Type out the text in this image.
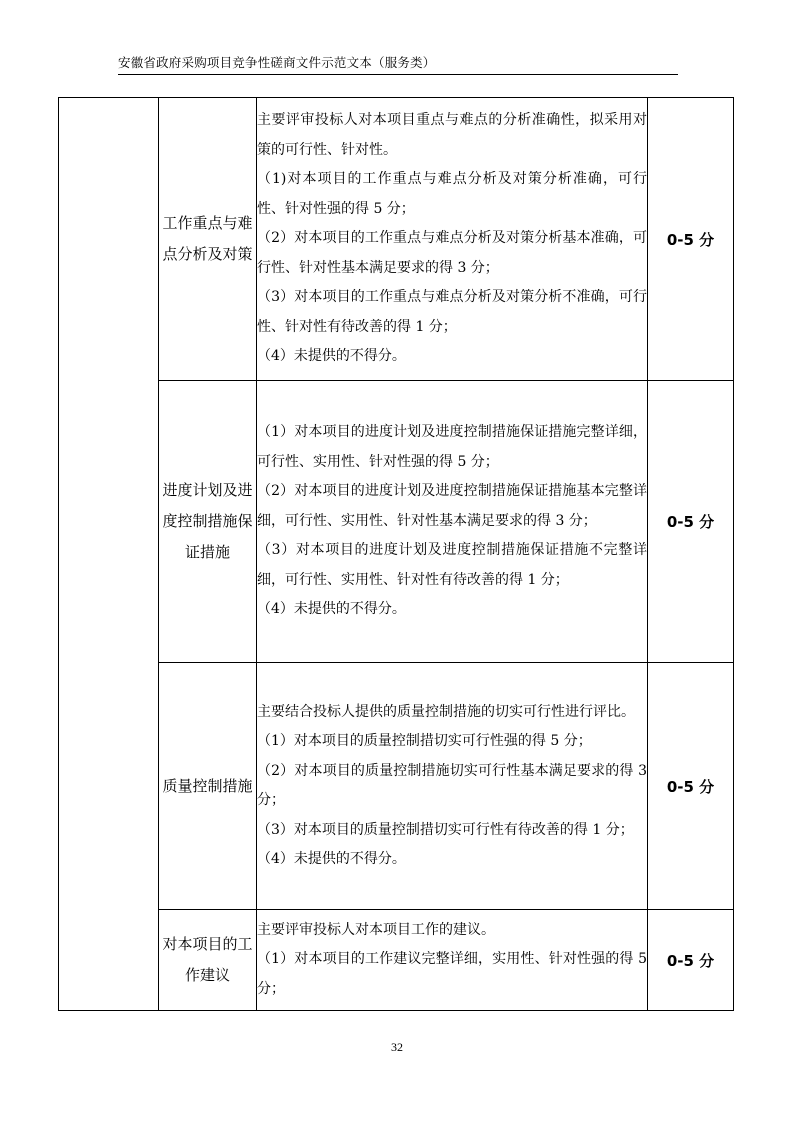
安徽省政府采购项目竞争性磋商文件示范文本（服务类）
	工作重点与难点分析及对策	主要评审投标人对本项目重点与难点的分析准确性，拟采用对策的可行性、针对性。

（1)对本项目的工作重点与难点分析及对策分析准确，可行性、针对性强的得 5 分；

（2）对本项目的工作重点与难点分析及对策分析基本准确，可行性、针对性基本满足要求的得 3 分；

（3）对本项目的工作重点与难点分析及对策分析不准确，可行性、针对性有待改善的得 1 分；

（4）未提供的不得分。	0-5 分
	进度计划及进度控制措施保证措施	（1）对本项目的进度计划及进度控制措施保证措施完整详细，可行性、实用性、针对性强的得 5 分；

（2）对本项目的进度计划及进度控制措施保证措施基本完整详细，可行性、实用性、针对性基本满足要求的得 3 分；

（3）对本项目的进度计划及进度控制措施保证措施不完整详细，可行性、实用性、针对性有待改善的得 1 分；

（4）未提供的不得分。	0-5 分
	质量控制措施	主要结合投标人提供的质量控制措施的切实可行性进行评比。

（1）对本项目的质量控制措切实可行性强的得 5 分；

（2）对本项目的质量控制措施切实可行性基本满足要求的得 3 分；

（3）对本项目的质量控制措切实可行性有待改善的得 1 分；

（4）未提供的不得分。	0-5 分
	对本项目的工作建议	主要评审投标人对本项目工作的建议。

（1）对本项目的工作建议完整详细，实用性、针对性强的得 5 分；	0-5 分
32
